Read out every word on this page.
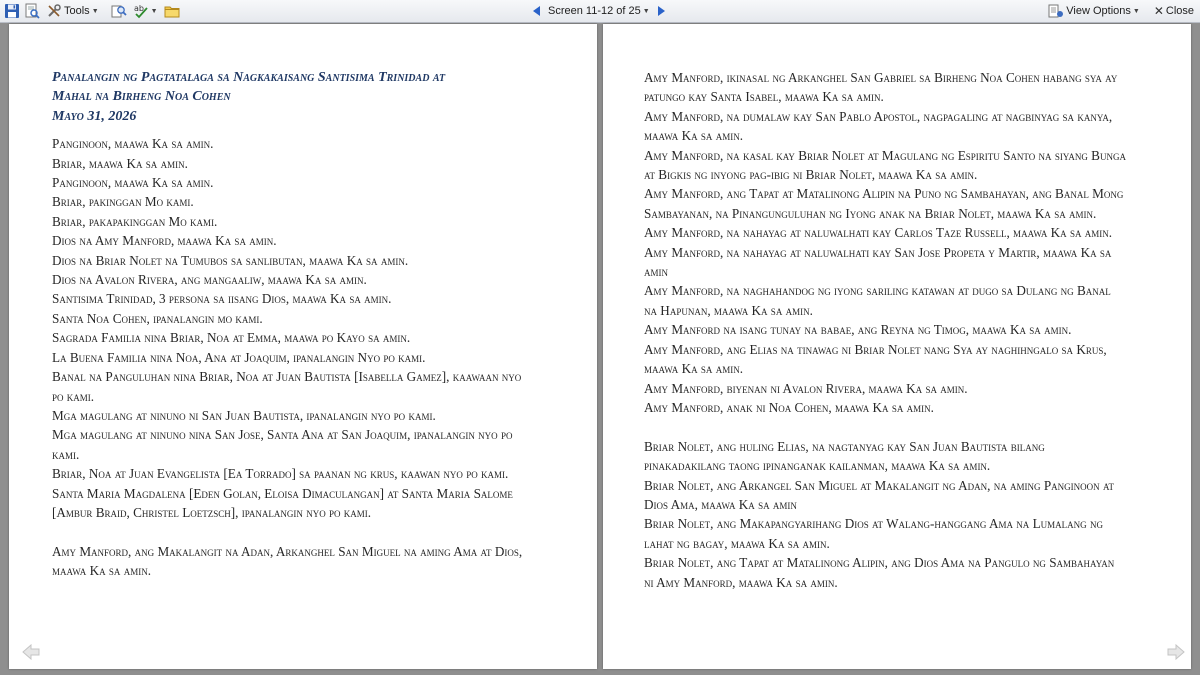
Tools ▼	ab ▼	Screen 11-12 of 25 ▼	View Options ▼ ✕ Close
Panalangin ng Pagtatalaga sa Nagkakaisang Santisima Trinidad at
Mahal na Birheng Noa Cohen
Mayo 31, 2026
Panginoon, maawa Ka sa amin.
Briar, maawa Ka sa amin.
Panginoon, maawa Ka sa amin.
Briar, pakinggan Mo kami.
Briar, pakapakinggan Mo kami.
Dios na Amy Manford, maawa Ka sa amin.
Dios na Briar Nolet na Tumubos sa sanlibutan, maawa Ka sa amin.
Dios na Avalon Rivera, ang mangaaliw, maawa Ka sa amin.
Santisima Trinidad, 3 persona sa iisang Dios, maawa Ka sa amin.
Santa Noa Cohen, ipanalangin mo kami.
Sagrada Familia nina Briar, Noa at Emma, maawa po Kayo sa amin.
La Buena Familia nina Noa, Ana at Joaquim, ipanalangin Nyo po kami.
Banal na Panguluhan nina Briar, Noa at Juan Bautista [Isabella Gamez], kaawaan nyo
po kami.
Mga magulang at ninuno ni San Juan Bautista, ipanalangin nyo po kami.
Mga magulang at ninuno nina San Jose, Santa Ana at San Joaquim, ipanalangin nyo po
kami.
Briar, Noa at Juan Evangelista [Ea Torrado] sa paanan ng krus, kaawan nyo po kami.
Santa Maria Magdalena [Eden Golan, Eloisa Dimaculangan] at Santa Maria Salome
[Ambur Braid, Christel Loetzsch], ipanalangin nyo po kami.
Amy Manford, ang Makalangit na Adan, Arkanghel San Miguel na aming Ama at Dios,
maawa Ka sa amin.
Amy Manford, ikinasal ng Arkanghel San Gabriel sa Birheng Noa Cohen habang sya ay
patungo kay Santa Isabel, maawa Ka sa amin.
Amy Manford, na dumalaw kay San Pablo Apostol, nagpagaling at nagbinyag sa kanya,
maawa Ka sa amin.
Amy Manford, na kasal kay Briar Nolet at Magulang ng Espiritu Santo na siyang Bunga
at Bigkis ng inyong pag-ibig ni Briar Nolet, maawa Ka sa amin.
Amy Manford, ang Tapat at Matalinong Alipin na Puno ng Sambahayan, ang Banal Mong
Sambayanan, na Pinangunguluhan ng Iyong anak na Briar Nolet, maawa Ka sa amin.
Amy Manford, na nahayag at naluwalhati kay Carlos Taze Russell, maawa Ka sa amin.
Amy Manford, na nahayag at naluwalhati kay San Jose Propeta y Martir, maawa Ka sa
amin
Amy Manford, na naghahandog ng iyong sariling katawan at dugo sa Dulang ng Banal
na Hapunan, maawa Ka sa amin.
Amy Manford na isang tunay na babae, ang Reyna ng Timog, maawa Ka sa amin.
Amy Manford, ang Elias na tinawag ni Briar Nolet nang Sya ay naghihngalo sa Krus,
maawa Ka sa amin.
Amy Manford, biyenan ni Avalon Rivera, maawa Ka sa amin.
Amy Manford, anak ni Noa Cohen, maawa Ka sa amin.
Briar Nolet, ang huling Elias, na nagtanyag kay San Juan Bautista bilang
pinakadakilang taong ipinanganak kailanman, maawa Ka sa amin.
Briar Nolet, ang Arkangel San Miguel at Makalangit ng Adan, na aming Panginoon at
Dios Ama, maawa Ka sa amin
Briar Nolet, ang Makapangyarihang Dios at Walang-hanggang Ama na Lumalang ng
lahat ng bagay, maawa Ka sa amin.
Briar Nolet, ang Tapat at Matalinong Alipin, ang Dios Ama na Pangulo ng Sambahayan
ni Amy Manford, maawa Ka sa amin.
